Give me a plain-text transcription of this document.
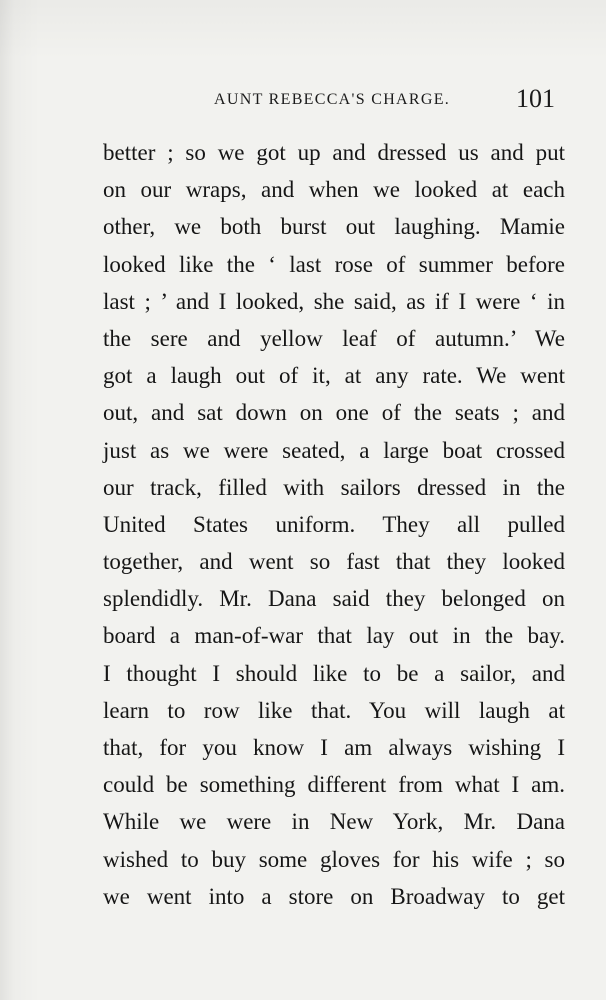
AUNT REBECCA'S CHARGE.	101
better ; so we got up and dressed us and put
on our wraps, and when we looked at each
other, we both burst out laughing. Mamie
looked like the ‘ last rose of summer before
last ; ’ and I looked, she said, as if I were ‘ in
the sere and yellow leaf of autumn.’ We
got a laugh out of it, at any rate. We went
out, and sat down on one of the seats ; and
just as we were seated, a large boat crossed
our track, filled with sailors dressed in the
United States uniform. They all pulled
together, and went so fast that they looked
splendidly. Mr. Dana said they belonged on
board a man-of-war that lay out in the bay.
I thought I should like to be a sailor, and
learn to row like that. You will laugh at
that, for you know I am always wishing I
could be something different from what I am.
While we were in New York, Mr. Dana
wished to buy some gloves for his wife ; so
we went into a store on Broadway to get
